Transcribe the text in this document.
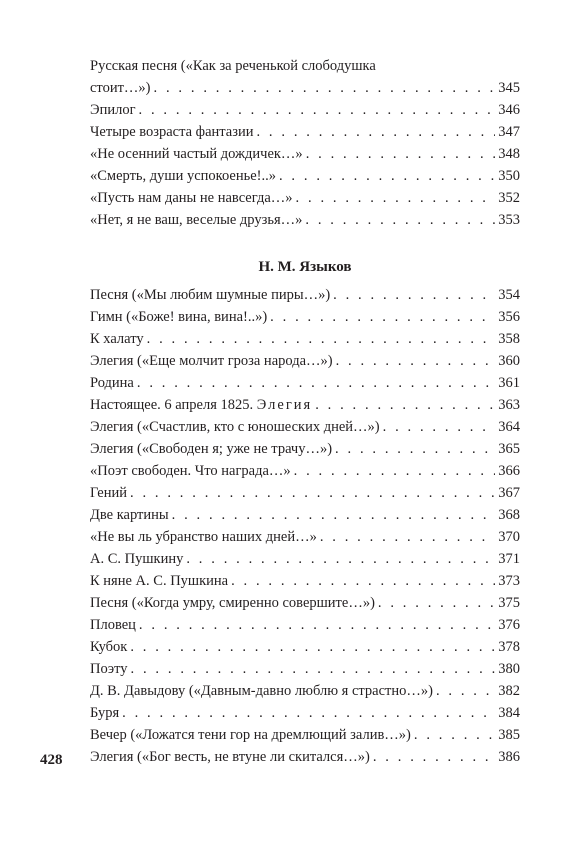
Русская песня («Как за реченькой слободушка
стоит…») . . .	345
Эпилог . . .	346
Четыре возраста фантазии . . .	347
«Не осенний частый дождичек…» . . .	348
«Смерть, души успокоенье!..» . . .	350
«Пусть нам даны не навсегда…» . . .	352
«Нет, я не ваш, веселые друзья…» . . .	353
Н. М. Языков
Песня («Мы любим шумные пиры…») . . .	354
Гимн («Боже! вина, вина!..») . . .	356
К халату . . .	358
Элегия («Еще молчит гроза народа…») . . .	360
Родина . . .	361
Настоящее. 6 апреля 1825. Элегия . . .	363
Элегия («Счастлив, кто с юношеских дней…») . . .	364
Элегия («Свободен я; уже не трачу…») . . .	365
«Поэт свободен. Что награда…» . . .	366
Гений . . .	367
Две картины . . .	368
«Не вы ль убранство наших дней…» . . .	370
А. С. Пушкину . . .	371
К няне А. С. Пушкина . . .	373
Песня («Когда умру, смиренно совершите…») . . .	375
Пловец . . .	376
Кубок . . .	378
Поэту . . .	380
Д. В. Давыдову («Давным-давно люблю я страстно…») . . .	382
Буря . . .	384
Вечер («Ложатся тени гор на дремлющий залив…») . . .	385
Элегия («Бог весть, не втуне ли скитался…») . . .	386
428
